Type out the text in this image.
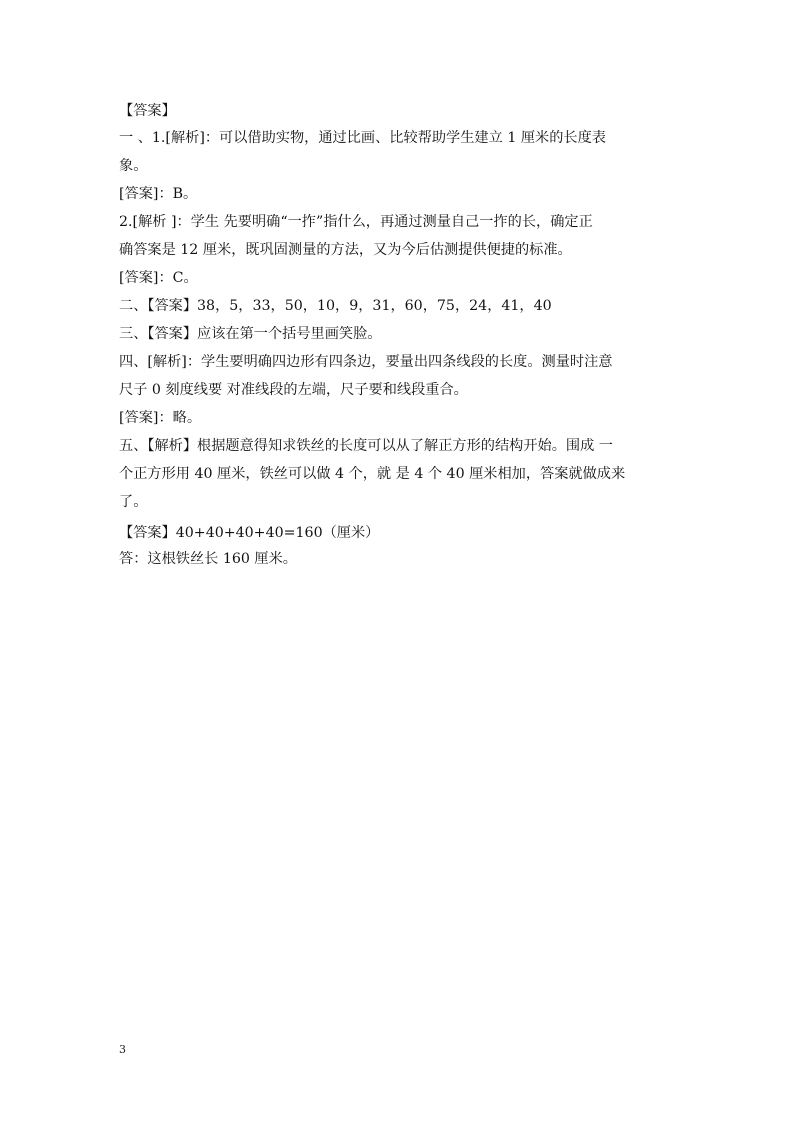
【答案】
一 、1.[解析]：可以借助实物，通过比画、比较帮助学生建立 1 厘米的长度表
象。
[答案]：B。
2.[解析 ]：学生 先要明确“一拃”指什么，再通过测量自己一拃的长，确定正
确答案是 12 厘米，既巩固测量的方法，又为今后估测提供便捷的标准。
[答案]：C。
二、【答案】38，5，33，50，10，9，31，60，75，24，41，40
三、【答案】应该在第一个括号里画笑脸。
四、[解析]：学生要明确四边形有四条边，要量出四条线段的长度。测量时注意
尺子 0 刻度线要 对准线段的左端，尺子要和线段重合。
[答案]：略。
五、【解析】根据题意得知求铁丝的长度可以从了解正方形的结构开始。围成 一
个正方形用 40 厘米，铁丝可以做 4 个，就 是 4 个 40 厘米相加，答案就做成来
了。
【答案】40+40+40+40=160（厘米）
答：这根铁丝长 160 厘米。
3
